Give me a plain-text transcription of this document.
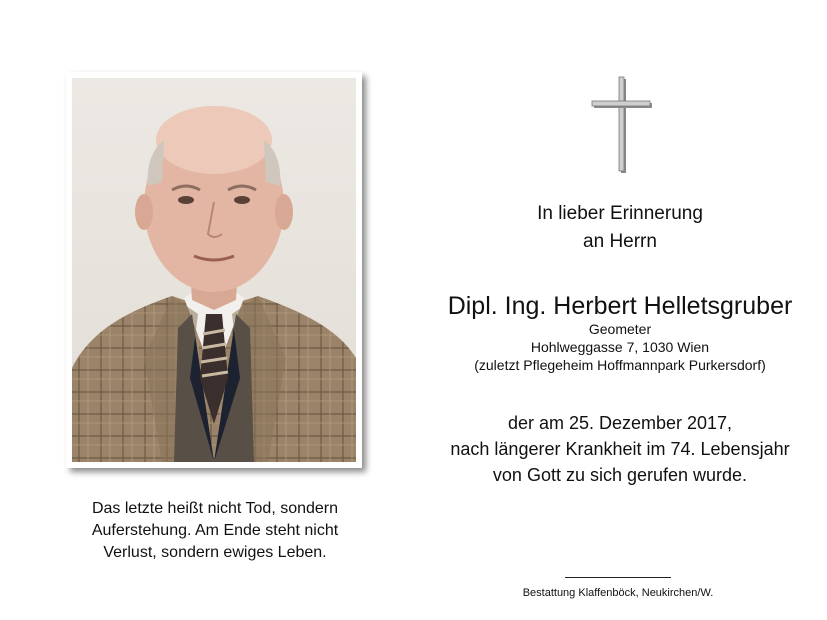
Das letzte heißt nicht Tod, sondern
Auferstehung. Am Ende steht nicht
Verlust, sondern ewiges Leben.
In lieber Erinnerung
an Herrn
Dipl. Ing. Herbert Helletsgruber
Geometer
Hohlweggasse 7, 1030 Wien
(zuletzt Pflegeheim Hoffmannpark Purkersdorf)
der am 25. Dezember 2017,
nach längerer Krankheit im 74. Lebensjahr
von Gott zu sich gerufen wurde.
Bestattung Klaffenböck, Neukirchen/W.
